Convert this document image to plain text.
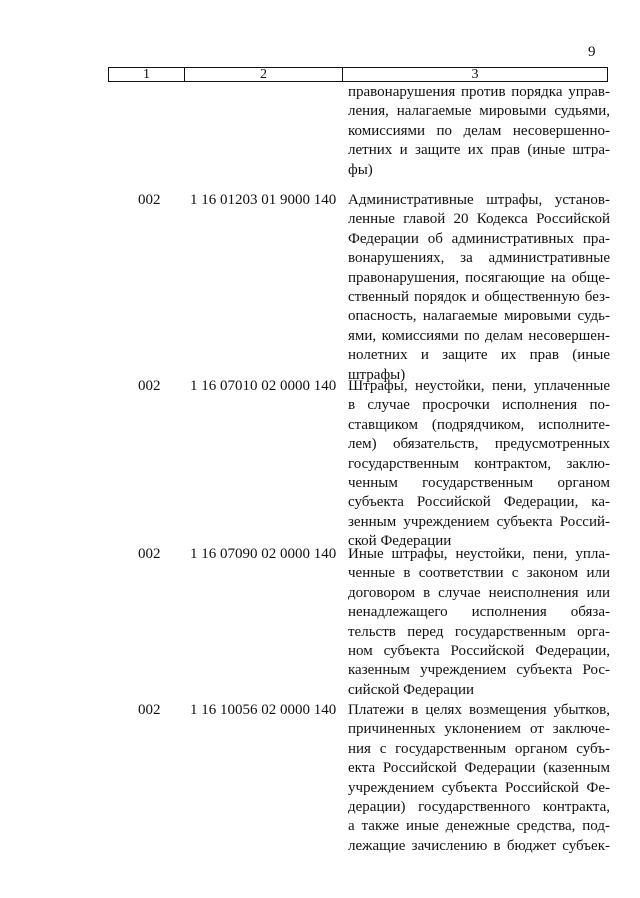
9
1	2	3
правонарушения против порядка управ-
ления, налагаемые мировыми судьями,
комиссиями по делам несовершенно-
летних и защите их прав (иные штра-
фы)
002 1 16 01203 01 9000 140 Административные штрафы, установ-
ленные главой 20 Кодекса Российской
Федерации об административных пра-
вонарушениях, за административные
правонарушения, посягающие на обще-
ственный порядок и общественную без-
опасность, налагаемые мировыми судь-
ями, комиссиями по делам несовершен-
нолетних и защите их прав (иные
штрафы)
002 1 16 07010 02 0000 140 Штрафы, неустойки, пени, уплаченные
в случае просрочки исполнения по-
ставщиком (подрядчиком, исполните-
лем) обязательств, предусмотренных
государственным контрактом, заклю-
ченным государственным органом
субъекта Российской Федерации, ка-
зенным учреждением субъекта Россий-
ской Федерации
002 1 16 07090 02 0000 140 Иные штрафы, неустойки, пени, упла-
ченные в соответствии с законом или
договором в случае неисполнения или
ненадлежащего исполнения обяза-
тельств перед государственным орга-
ном субъекта Российской Федерации,
казенным учреждением субъекта Рос-
сийской Федерации
002 1 16 10056 02 0000 140 Платежи в целях возмещения убытков,
причиненных уклонением от заключе-
ния с государственным органом субъ-
екта Российской Федерации (казенным
учреждением субъекта Российской Фе-
дерации) государственного контракта,
а также иные денежные средства, под-
лежащие зачислению в бюджет субъек-
